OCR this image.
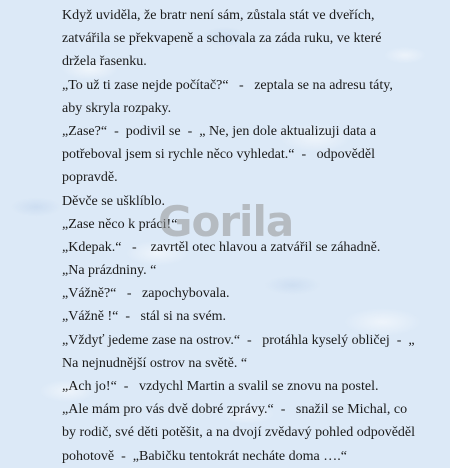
Když uviděla, že bratr není sám, zůstala stát ve dveřích,
zatvářila se překvapeně a schovala za záda ruku, ve které
držela řasenku.
„To už ti zase nejde počítač?“   -   zeptala se na adresu táty,
aby skryla rozpaky.
„Zase?“  -  podivil se  -  „ Ne, jen dole aktualizuji data a
potřeboval jsem si rychle něco vyhledat.“  -   odpověděl
popravdě.
Děvče se ušklíblo.
„Zase něco k práci!“
„Kdepak.“   -    zavrtěl otec hlavou a zatvářil se záhadně.
„Na prázdniny. “
„Vážně?“   -   zapochybovala.
„Vážně !“  -   stál si na svém.
„Vždyť jedeme zase na ostrov.“  -   protáhla kyselý obličej  -  „
Na nejnudnější ostrov na světě. “
„Ach jo!“  -   vzdychl Martin a svalil se znovu na postel.
„Ale mám pro vás dvě dobré zprávy.“  -   snažil se Michal, co
by rodič, své děti potěšit, a na dvojí zvědavý pohled odpověděl
pohotově  -  „Babičku tentokrát necháte doma ….“
Gorila
